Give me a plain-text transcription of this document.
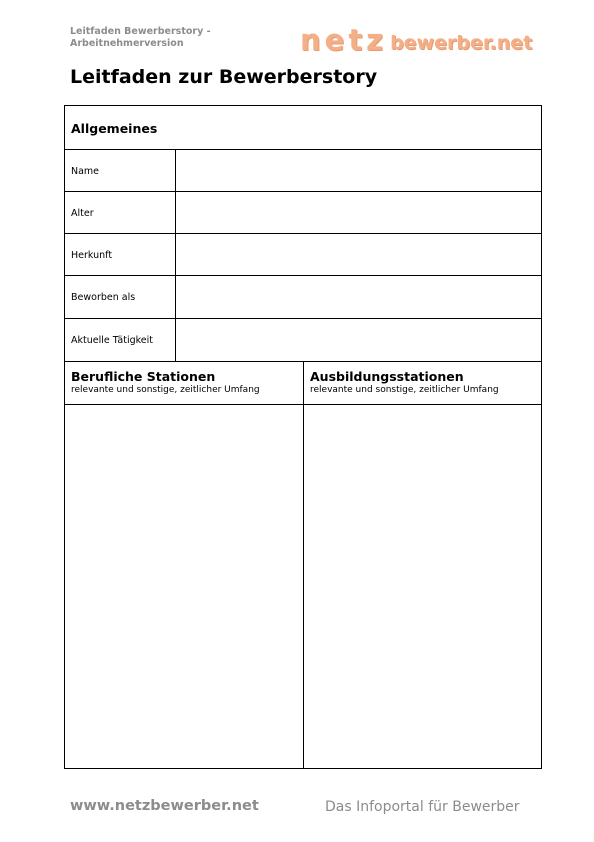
Leitfaden Bewerberstory - Arbeitnehmerversion	netz bewerber.net
Leitfaden zur Bewerberstory
Allgemeines
Name
Alter
Herkunft
Beworben als
Aktuelle Tätigkeit
Berufliche Stationen
relevante und sonstige, zeitlicher Umfang
Ausbildungsstationen
relevante und sonstige, zeitlicher Umfang
www.netzbewerber.net	Das Infoportal für Bewerber
